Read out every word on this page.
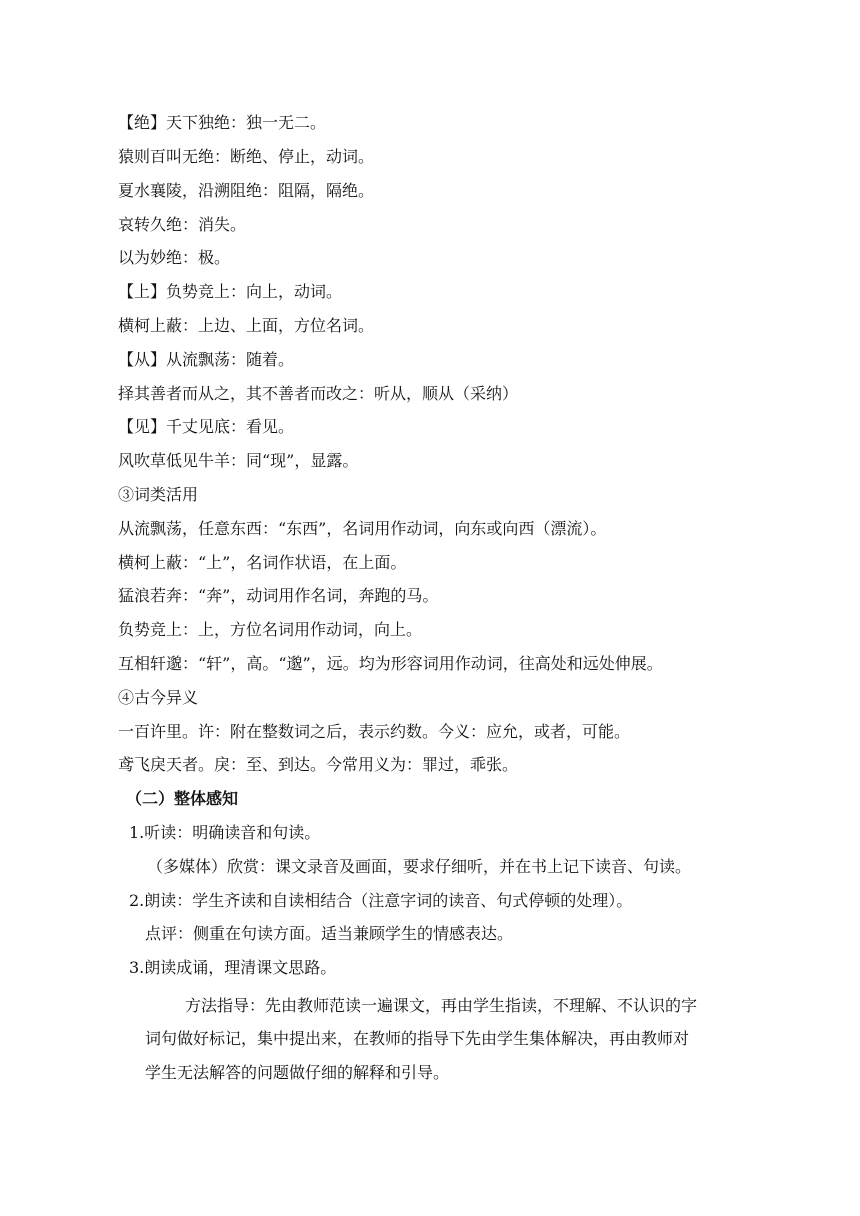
【绝】天下独绝：独一无二。
猿则百叫无绝：断绝、停止，动词。
夏水襄陵，沿溯阻绝：阻隔，隔绝。
哀转久绝：消失。
以为妙绝：极。
【上】负势竞上：向上，动词。
横柯上蔽：上边、上面，方位名词。
【从】从流飘荡：随着。
择其善者而从之，其不善者而改之：听从，顺从（采纳）
【见】千丈见底：看见。
风吹草低见牛羊：同“现”，显露。
③词类活用
从流飘荡，任意东西：“东西”，名词用作动词，向东或向西（漂流）。
横柯上蔽：“上”，名词作状语，在上面。
猛浪若奔：“奔”，动词用作名词，奔跑的马。
负势竞上：上，方位名词用作动词，向上。
互相轩邈：“轩”，高。“邈”，远。均为形容词用作动词，往高处和远处伸展。
④古今异义
一百许里。许：附在整数词之后，表示约数。今义：应允，或者，可能。
鸢飞戾天者。戾：至、到达。今常用义为：罪过，乖张。
（二）整体感知
1.听读：明确读音和句读。
（多媒体）欣赏：课文录音及画面，要求仔细听，并在书上记下读音、句读。
2.朗读：学生齐读和自读相结合（注意字词的读音、句式停顿的处理）。
点评：侧重在句读方面。适当兼顾学生的情感表达。
3.朗读成诵，理清课文思路。
方法指导：先由教师范读一遍课文，再由学生指读，不理解、不认识的字
词句做好标记，集中提出来，在教师的指导下先由学生集体解决，再由教师对
学生无法解答的问题做仔细的解释和引导。
